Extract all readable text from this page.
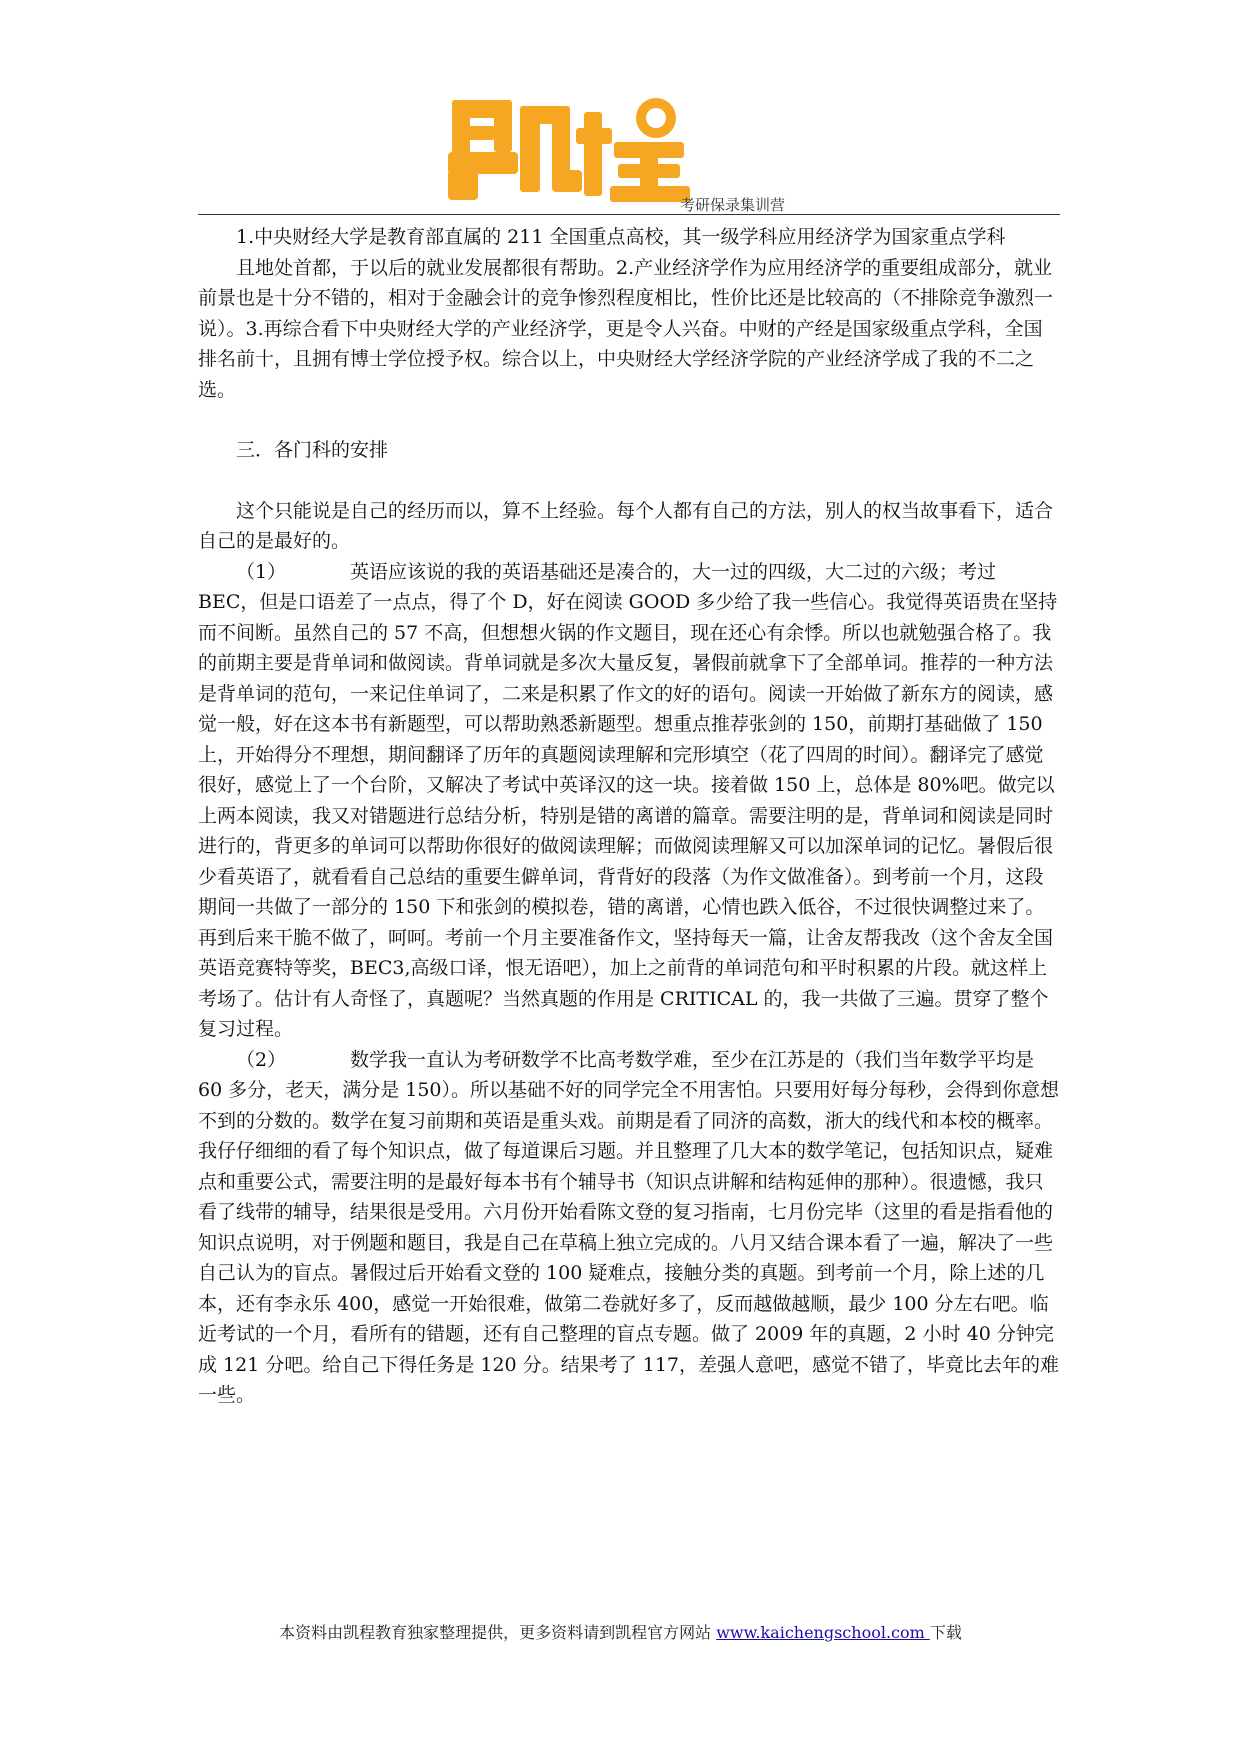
考研保录集训营

1.中央财经大学是教育部直属的 211 全国重点高校，其一级学科应用经济学为国家重点学科

且地处首都，于以后的就业发展都很有帮助。2.产业经济学作为应用经济学的重要组成部分，就业前景也是十分不错的，相对于金融会计的竞争惨烈程度相比，性价比还是比较高的（不排除竞争激烈一说）。3.再综合看下中央财经大学的产业经济学，更是令人兴奋。中财的产经是国家级重点学科，全国排名前十，且拥有博士学位授予权。综合以上，中央财经大学经济学院的产业经济学成了我的不二之选。

三．各门科的安排

这个只能说是自己的经历而以，算不上经验。每个人都有自己的方法，别人的权当故事看下，适合自己的是最好的。

（1）	英语应该说的我的英语基础还是凑合的，大一过的四级，大二过的六级；考过 BEC，但是口语差了一点点，得了个 D，好在阅读 GOOD 多少给了我一些信心。我觉得英语贵在坚持而不间断。虽然自己的 57 不高，但想想火锅的作文题目，现在还心有余悸。所以也就勉强合格了。我的前期主要是背单词和做阅读。背单词就是多次大量反复，暑假前就拿下了全部单词。推荐的一种方法是背单词的范句，一来记住单词了，二来是积累了作文的好的语句。阅读一开始做了新东方的阅读，感觉一般，好在这本书有新题型，可以帮助熟悉新题型。想重点推荐张剑的 150，前期打基础做了 150 上，开始得分不理想，期间翻译了历年的真题阅读理解和完形填空（花了四周的时间）。翻译完了感觉很好，感觉上了一个台阶，又解决了考试中英译汉的这一块。接着做 150 上，总体是 80%吧。做完以上两本阅读，我又对错题进行总结分析，特别是错的离谱的篇章。需要注明的是，背单词和阅读是同时进行的，背更多的单词可以帮助你很好的做阅读理解；而做阅读理解又可以加深单词的记忆。暑假后很少看英语了，就看看自己总结的重要生僻单词，背背好的段落（为作文做准备）。到考前一个月，这段期间一共做了一部分的 150 下和张剑的模拟卷，错的离谱，心情也跌入低谷，不过很快调整过来了。再到后来干脆不做了，呵呵。考前一个月主要准备作文，坚持每天一篇，让舍友帮我改（这个舍友全国英语竞赛特等奖，BEC3,高级口译，恨无语吧），加上之前背的单词范句和平时积累的片段。就这样上考场了。估计有人奇怪了，真题呢？当然真题的作用是 CRITICAL 的，我一共做了三遍。贯穿了整个复习过程。

（2）	数学我一直认为考研数学不比高考数学难，至少在江苏是的（我们当年数学平均是 60 多分，老天，满分是 150）。所以基础不好的同学完全不用害怕。只要用好每分每秒，会得到你意想不到的分数的。数学在复习前期和英语是重头戏。前期是看了同济的高数，浙大的线代和本校的概率。我仔仔细细的看了每个知识点，做了每道课后习题。并且整理了几大本的数学笔记，包括知识点，疑难点和重要公式，需要注明的是最好每本书有个辅导书（知识点讲解和结构延伸的那种）。很遗憾，我只看了线带的辅导，结果很是受用。六月份开始看陈文登的复习指南，七月份完毕（这里的看是指看他的知识点说明，对于例题和题目，我是自己在草稿上独立完成的。八月又结合课本看了一遍，解决了一些自己认为的盲点。暑假过后开始看文登的 100 疑难点，接触分类的真题。到考前一个月，除上述的几本，还有李永乐 400，感觉一开始很难，做第二卷就好多了，反而越做越顺，最少 100 分左右吧。临近考试的一个月，看所有的错题，还有自己整理的盲点专题。做了 2009 年的真题，2 小时 40 分钟完成 121 分吧。给自己下得任务是 120 分。结果考了 117，差强人意吧，感觉不错了，毕竟比去年的难一些。

本资料由凯程教育独家整理提供，更多资料请到凯程官方网站 www.kaichengschool.com 下载
